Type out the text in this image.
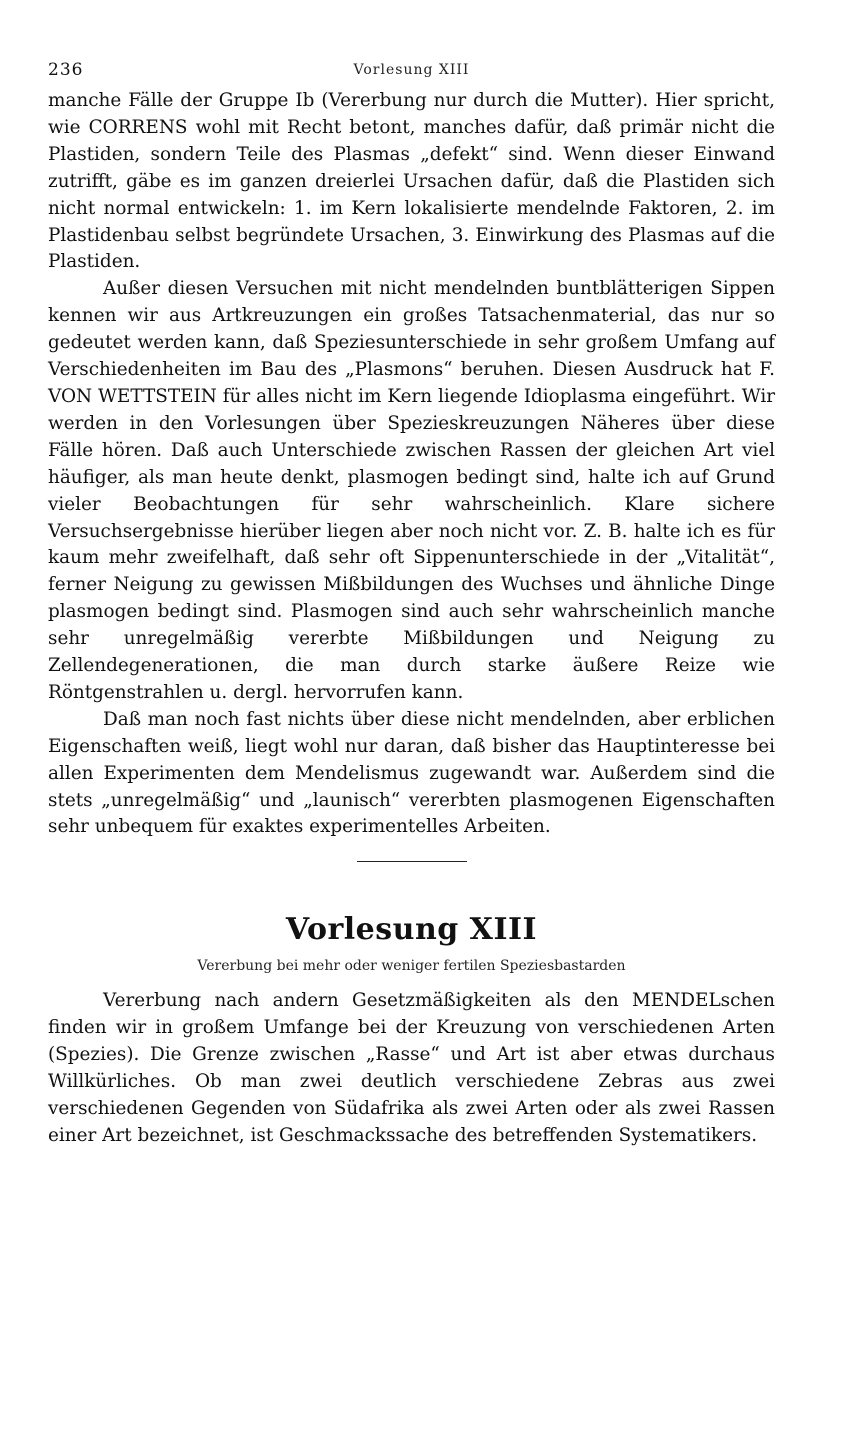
236	Vorlesung XIII

manche Fälle der Gruppe Ib (Vererbung nur durch die Mutter). Hier spricht, wie CORRENS wohl mit Recht betont, manches dafür, daß primär nicht die Plastiden, sondern Teile des Plasmas „defekt“ sind. Wenn dieser Einwand zutrifft, gäbe es im ganzen dreierlei Ursachen dafür, daß die Plastiden sich nicht normal entwickeln: 1. im Kern lokalisierte mendelnde Faktoren, 2. im Plastidenbau selbst begründete Ursachen, 3. Einwirkung des Plasmas auf die Plastiden.

Außer diesen Versuchen mit nicht mendelnden buntblätterigen Sippen kennen wir aus Artkreuzungen ein großes Tatsachenmaterial, das nur so gedeutet werden kann, daß Speziesunterschiede in sehr großem Umfang auf Verschiedenheiten im Bau des „Plasmons“ beruhen. Diesen Ausdruck hat F. VON WETTSTEIN für alles nicht im Kern liegende Idioplasma eingeführt. Wir werden in den Vorlesungen über Spezieskreuzungen Näheres über diese Fälle hören. Daß auch Unterschiede zwischen Rassen der gleichen Art viel häufiger, als man heute denkt, plasmogen bedingt sind, halte ich auf Grund vieler Beobachtungen für sehr wahrscheinlich. Klare sichere Versuchsergebnisse hierüber liegen aber noch nicht vor. Z. B. halte ich es für kaum mehr zweifelhaft, daß sehr oft Sippenunterschiede in der „Vitalität“, ferner Neigung zu gewissen Mißbildungen des Wuchses und ähnliche Dinge plasmogen bedingt sind. Plasmogen sind auch sehr wahrscheinlich manche sehr unregelmäßig vererbte Mißbildungen und Neigung zu Zellendegenerationen, die man durch starke äußere Reize wie Röntgenstrahlen u. dergl. hervorrufen kann.

Daß man noch fast nichts über diese nicht mendelnden, aber erblichen Eigenschaften weiß, liegt wohl nur daran, daß bisher das Hauptinteresse bei allen Experimenten dem Mendelismus zugewandt war. Außerdem sind die stets „unregelmäßig“ und „launisch“ vererbten plasmogenen Eigenschaften sehr unbequem für exaktes experimentelles Arbeiten.

Vorlesung XIII
Vererbung bei mehr oder weniger fertilen Speziesbastarden

Vererbung nach andern Gesetzmäßigkeiten als den MENDELschen finden wir in großem Umfange bei der Kreuzung von verschiedenen Arten (Spezies). Die Grenze zwischen „Rasse“ und Art ist aber etwas durchaus Willkürliches. Ob man zwei deutlich verschiedene Zebras aus zwei verschiedenen Gegenden von Südafrika als zwei Arten oder als zwei Rassen einer Art bezeichnet, ist Geschmackssache des betreffenden Systematikers.
